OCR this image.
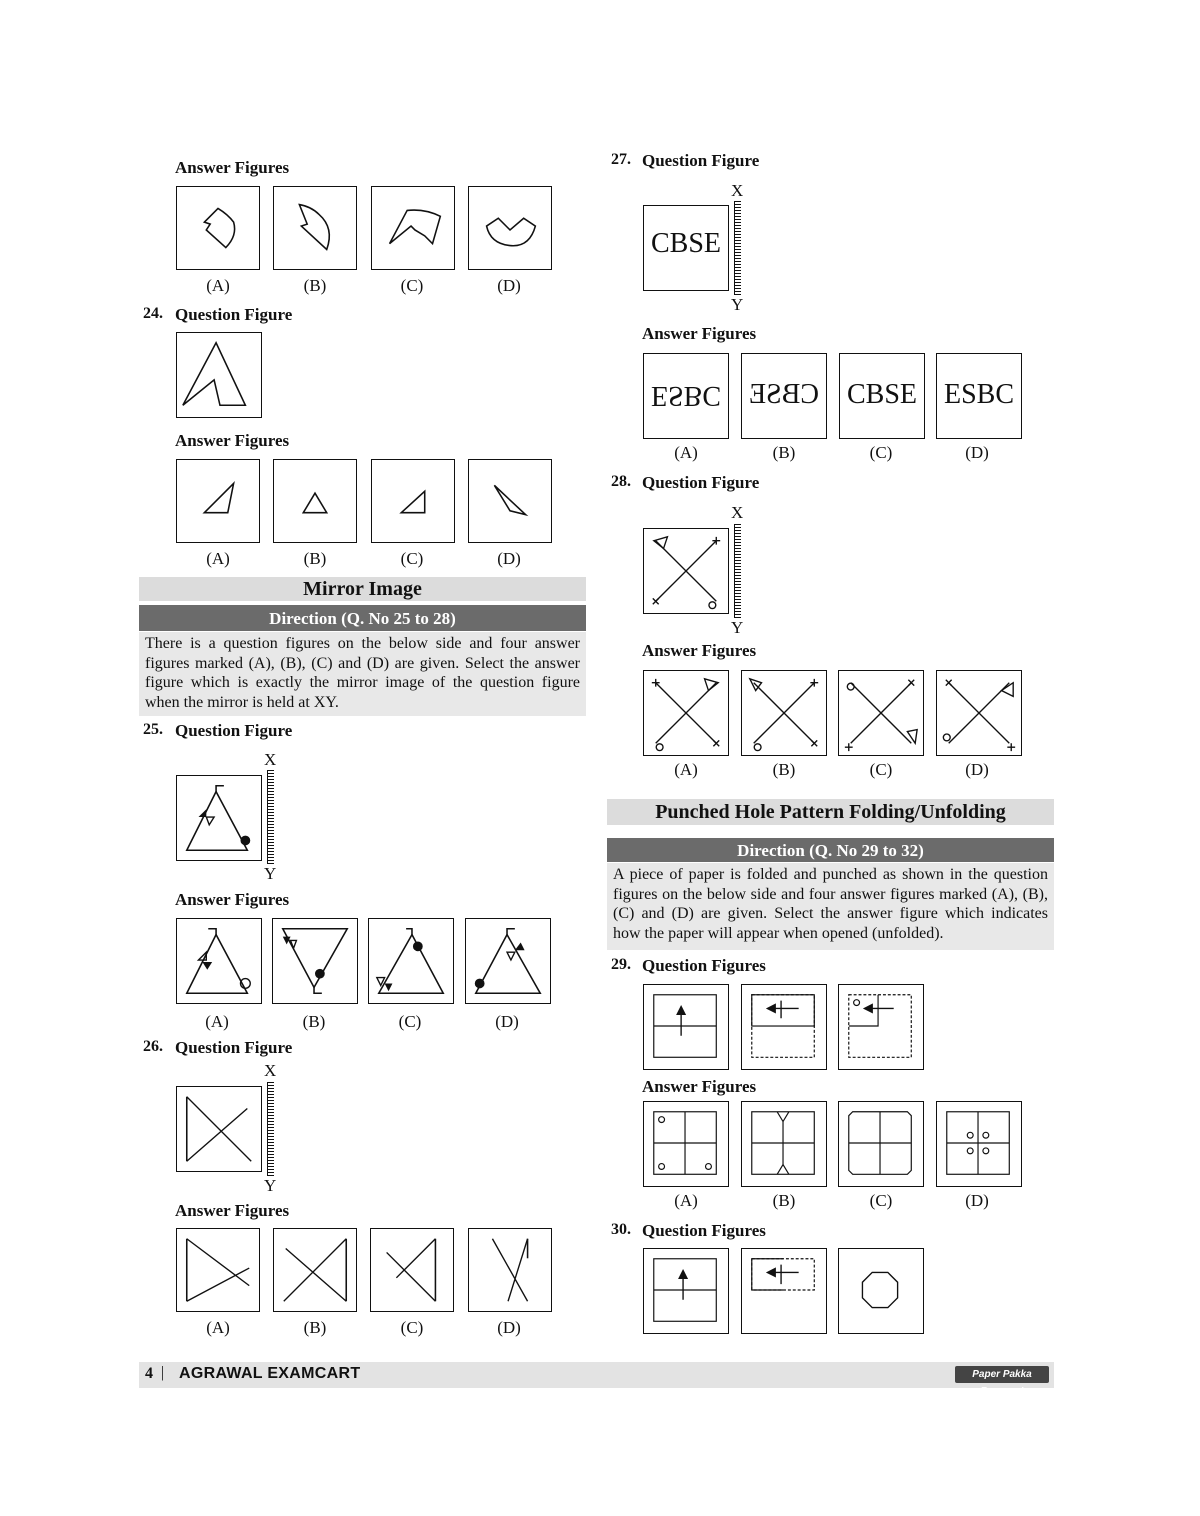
Answer Figures
(A)	(B)	(C)	(D)
24. Question Figure
Answer Figures
(A)	(B)	(C)	(D)
Mirror Image
Direction (Q. No 25 to 28)
There is a question figures on the below side and four answer figures marked (A), (B), (C) and (D) are given. Select the answer figure which is exactly the mirror image of the question figure when the mirror is held at XY.
25. Question Figure
X
Y
Answer Figures
(A)	(B)	(C)	(D)
26. Question Figure
X
Y
Answer Figures
(A)	(B)	(C)	(D)
27. Question Figure
X
CBSE
Y
Answer Figures
ESBC CBSE CBSE ESBC
(A)	(B)	(C)	(D)
28. Question Figure
X
Y
Answer Figures
(A)	(B)	(C)	(D)
Punched Hole Pattern Folding/Unfolding
Direction (Q. No 29 to 32)
A piece of paper is folded and punched as shown in the question figures on the below side and four answer figures marked (A), (B), (C) and (D) are given. Select the answer figure which indicates how the paper will appear when opened (unfolded).
29. Question Figures
Answer Figures
(A)	(B)	(C)	(D)
30. Question Figures
4 | AGRAWAL EXAMCART	Paper Pakka Faasega!
